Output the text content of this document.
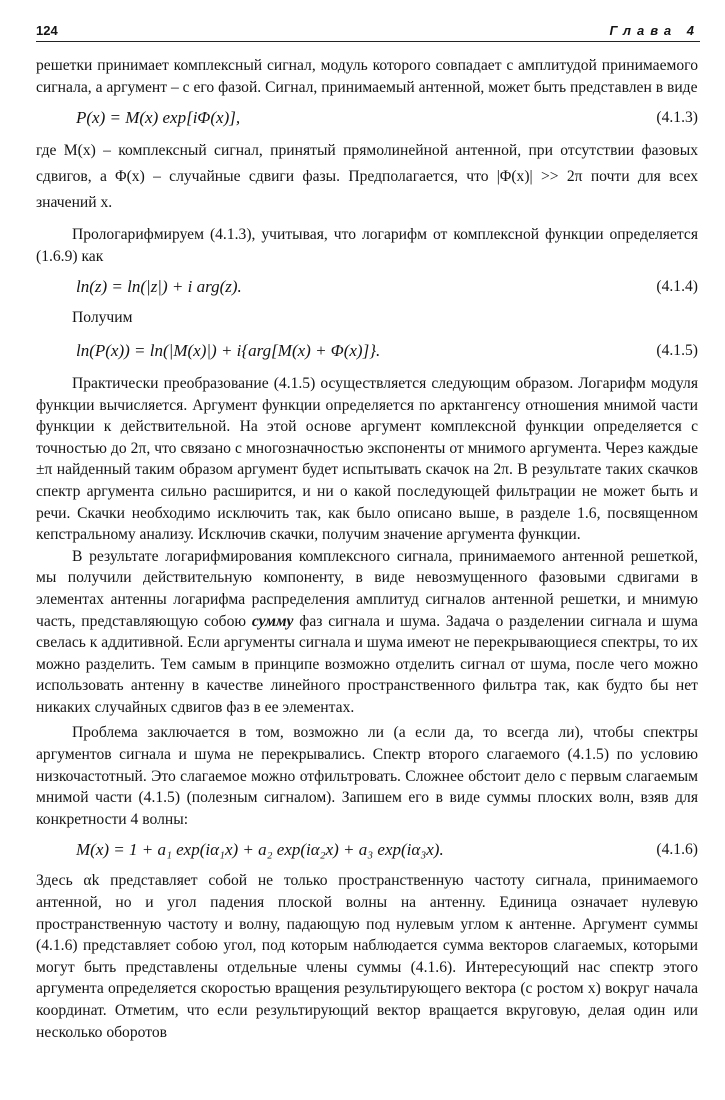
124	Глава 4

решетки принимает комплексный сигнал, модуль которого совпадает с амплитудой принимаемого сигнала, а аргумент – с его фазой. Сигнал, принимаемый антенной, может быть представлен в виде

P(x) = M(x) exp[iΦ(x)],	(4.1.3)

где M(x) – комплексный сигнал, принятый прямолинейной антенной, при отсутствии фазовых сдвигов, а Φ(x) – случайные сдвиги фазы. Предполагается, что |Φ(x)| >> 2π почти для всех значений x.

Прологарифмируем (4.1.3), учитывая, что логарифм от комплексной функции определяется (1.6.9) как

ln(z) = ln(|z|) + i arg(z).	(4.1.4)

Получим

ln(P(x)) = ln(|M(x)|) + i{arg[M(x) + Φ(x)]}.	(4.1.5)

Практически преобразование (4.1.5) осуществляется следующим образом. Логарифм модуля функции вычисляется. Аргумент функции определяется по арктангенсу отношения мнимой части функции к действительной. На этой основе аргумент комплексной функции определяется с точностью до 2π, что связано с многозначностью экспоненты от мнимого аргумента. Через каждые ±π найденный таким образом аргумент будет испытывать скачок на 2π. В результате таких скачков спектр аргумента сильно расширится, и ни о какой последующей фильтрации не может быть и речи. Скачки необходимо исключить так, как было описано выше, в разделе 1.6, посвященном кепстральному анализу. Исключив скачки, получим значение аргумента функции.

В результате логарифмирования комплексного сигнала, принимаемого антенной решеткой, мы получили действительную компоненту, в виде невозмущенного фазовыми сдвигами в элементах антенны логарифма распределения амплитуд сигналов антенной решетки, и мнимую часть, представляющую собою сумму фаз сигнала и шума. Задача о разделении сигнала и шума свелась к аддитивной. Если аргументы сигнала и шума имеют не перекрывающиеся спектры, то их можно разделить. Тем самым в принципе возможно отделить сигнал от шума, после чего можно использовать антенну в качестве линейного пространственного фильтра так, как будто бы нет никаких случайных сдвигов фаз в ее элементах.

Проблема заключается в том, возможно ли (а если да, то всегда ли), чтобы спектры аргументов сигнала и шума не перекрывались. Спектр второго слагаемого (4.1.5) по условию низкочастотный. Это слагаемое можно отфильтровать. Сложнее обстоит дело с первым слагаемым мнимой части (4.1.5) (полезным сигналом). Запишем его в виде суммы плоских волн, взяв для конкретности 4 волны:

M(x) = 1 + a₁ exp(iα₁x) + a₂ exp(iα₂x) + a₃ exp(iα₃x).	(4.1.6)

Здесь αk представляет собой не только пространственную частоту сигнала, принимаемого антенной, но и угол падения плоской волны на антенну. Единица означает нулевую пространственную частоту и волну, падающую под нулевым углом к антенне. Аргумент суммы (4.1.6) представляет собою угол, под которым наблюдается сумма векторов слагаемых, которыми могут быть представлены отдельные члены суммы (4.1.6). Интересующий нас спектр этого аргумента определяется скоростью вращения результирующего вектора (с ростом x) вокруг начала координат. Отметим, что если результирующий вектор вращается вкруговую, делая один или несколько оборотов
